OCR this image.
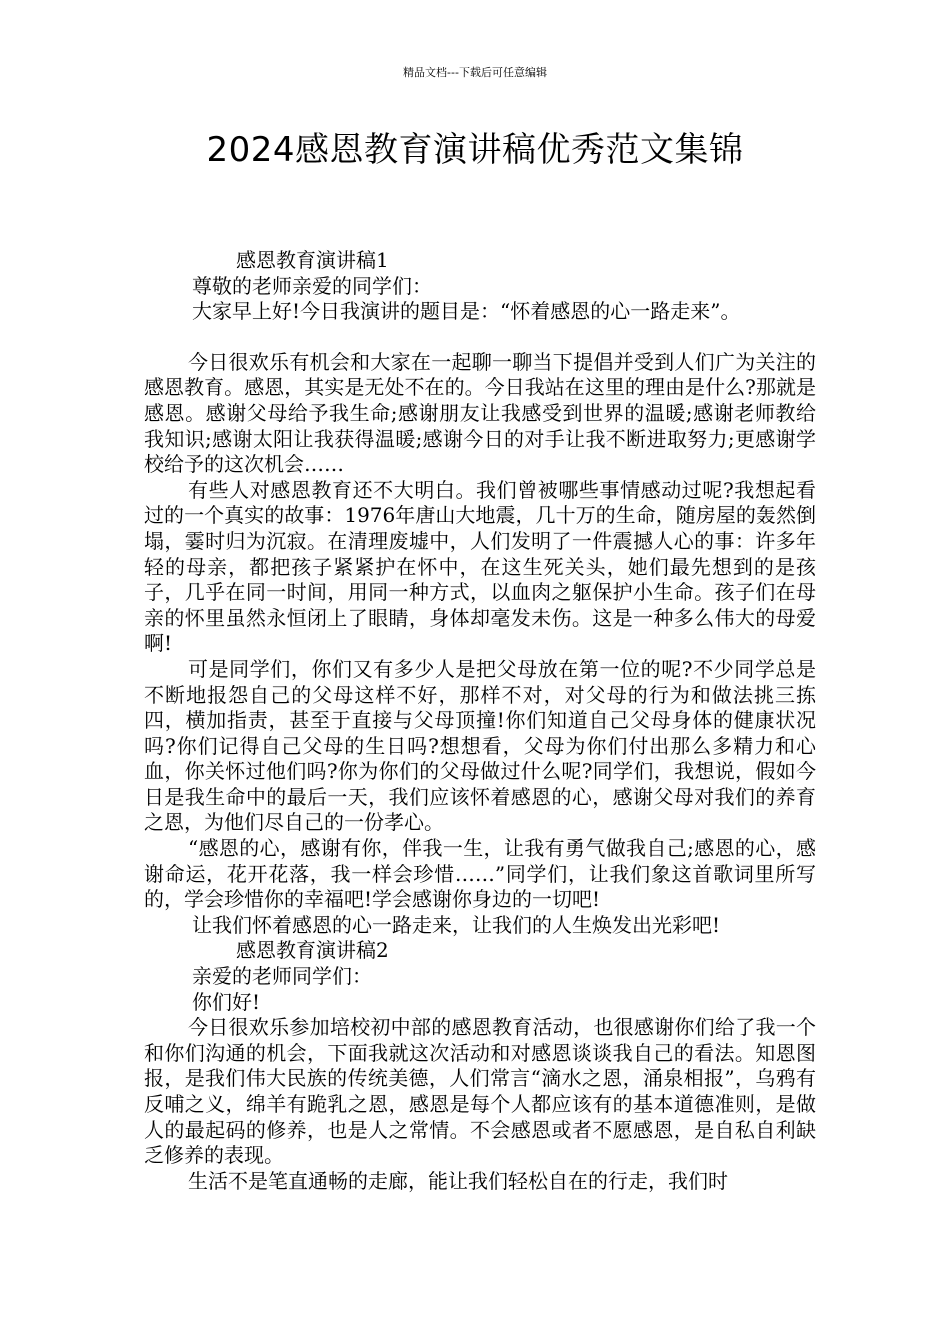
精品文档---下载后可任意编辑
2024感恩教育演讲稿优秀范文集锦
感恩教育演讲稿1
尊敬的老师亲爱的同学们：
大家早上好!今日我演讲的题目是：“怀着感恩的心一路走来”。
今日很欢乐有机会和大家在一起聊一聊当下提倡并受到人们广为关注的感恩教育。感恩，其实是无处不在的。今日我站在这里的理由是什么?那就是感恩。感谢父母给予我生命;感谢朋友让我感受到世界的温暖;感谢老师教给我知识;感谢太阳让我获得温暖;感谢今日的对手让我不断进取努力;更感谢学校给予的这次机会……
有些人对感恩教育还不大明白。我们曾被哪些事情感动过呢?我想起看过的一个真实的故事：1976年唐山大地震，几十万的生命，随房屋的轰然倒塌，霎时归为沉寂。在清理废墟中，人们发明了一件震撼人心的事：许多年轻的母亲，都把孩子紧紧护在怀中，在这生死关头，她们最先想到的是孩子，几乎在同一时间，用同一种方式，以血肉之躯保护小生命。孩子们在母亲的怀里虽然永恒闭上了眼睛，身体却毫发未伤。这是一种多么伟大的母爱啊!
可是同学们，你们又有多少人是把父母放在第一位的呢?不少同学总是不断地报怨自己的父母这样不好，那样不对，对父母的行为和做法挑三拣四，横加指责，甚至于直接与父母顶撞!你们知道自己父母身体的健康状况吗?你们记得自己父母的生日吗?想想看，父母为你们付出那么多精力和心血，你关怀过他们吗?你为你们的父母做过什么呢?同学们，我想说，假如今日是我生命中的最后一天，我们应该怀着感恩的心，感谢父母对我们的养育之恩，为他们尽自己的一份孝心。
“感恩的心，感谢有你，伴我一生，让我有勇气做我自己;感恩的心，感谢命运，花开花落，我一样会珍惜……”同学们，让我们象这首歌词里所写的，学会珍惜你的幸福吧!学会感谢你身边的一切吧!
让我们怀着感恩的心一路走来，让我们的人生焕发出光彩吧!
感恩教育演讲稿2
亲爱的老师同学们：
你们好!
今日很欢乐参加培校初中部的感恩教育活动，也很感谢你们给了我一个和你们沟通的机会，下面我就这次活动和对感恩谈谈我自己的看法。知恩图报，是我们伟大民族的传统美德，人们常言“滴水之恩，涌泉相报”，乌鸦有反哺之义，绵羊有跪乳之恩，感恩是每个人都应该有的基本道德准则，是做人的最起码的修养，也是人之常情。不会感恩或者不愿感恩，是自私自利缺乏修养的表现。
生活不是笔直通畅的走廊，能让我们轻松自在的行走，我们时
